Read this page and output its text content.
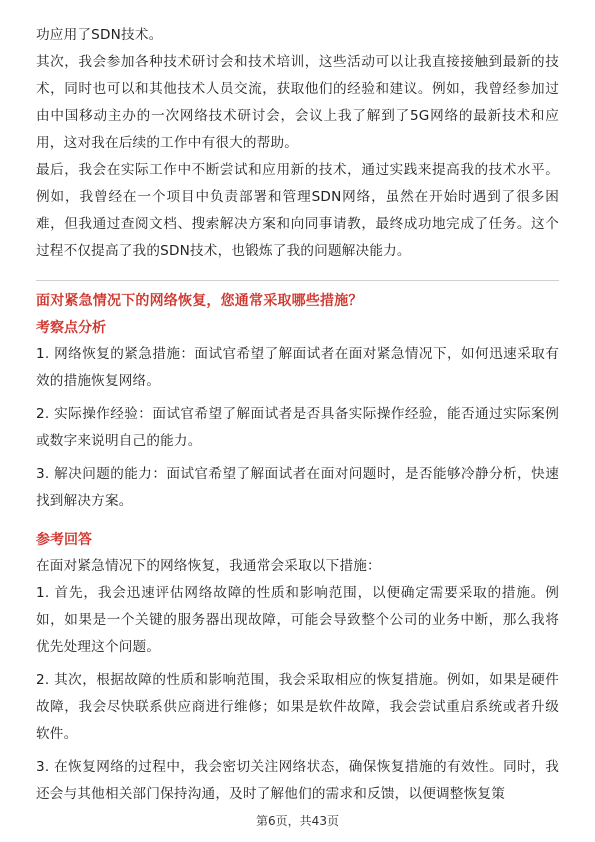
功应用了SDN技术。

其次，我会参加各种技术研讨会和技术培训，这些活动可以让我直接接触到最新的技术，同时也可以和其他技术人员交流，获取他们的经验和建议。例如，我曾经参加过由中国移动主办的一次网络技术研讨会，会议上我了解到了5G网络的最新技术和应用，这对我在后续的工作中有很大的帮助。

最后，我会在实际工作中不断尝试和应用新的技术，通过实践来提高我的技术水平。例如，我曾经在一个项目中负责部署和管理SDN网络，虽然在开始时遇到了很多困难，但我通过查阅文档、搜索解决方案和向同事请教，最终成功地完成了任务。这个过程不仅提高了我的SDN技术，也锻炼了我的问题解决能力。

面对紧急情况下的网络恢复，您通常采取哪些措施？

考察点分析

1. 网络恢复的紧急措施：面试官希望了解面试者在面对紧急情况下，如何迅速采取有效的措施恢复网络。

2. 实际操作经验：面试官希望了解面试者是否具备实际操作经验，能否通过实际案例或数字来说明自己的能力。

3. 解决问题的能力：面试官希望了解面试者在面对问题时，是否能够冷静分析，快速找到解决方案。

参考回答

在面对紧急情况下的网络恢复，我通常会采取以下措施：

1. 首先，我会迅速评估网络故障的性质和影响范围，以便确定需要采取的措施。例如，如果是一个关键的服务器出现故障，可能会导致整个公司的业务中断，那么我将优先处理这个问题。

2. 其次，根据故障的性质和影响范围，我会采取相应的恢复措施。例如，如果是硬件故障，我会尽快联系供应商进行维修；如果是软件故障，我会尝试重启系统或者升级软件。

3. 在恢复网络的过程中，我会密切关注网络状态，确保恢复措施的有效性。同时，我还会与其他相关部门保持沟通，及时了解他们的需求和反馈，以便调整恢复策

第6页，共43页
